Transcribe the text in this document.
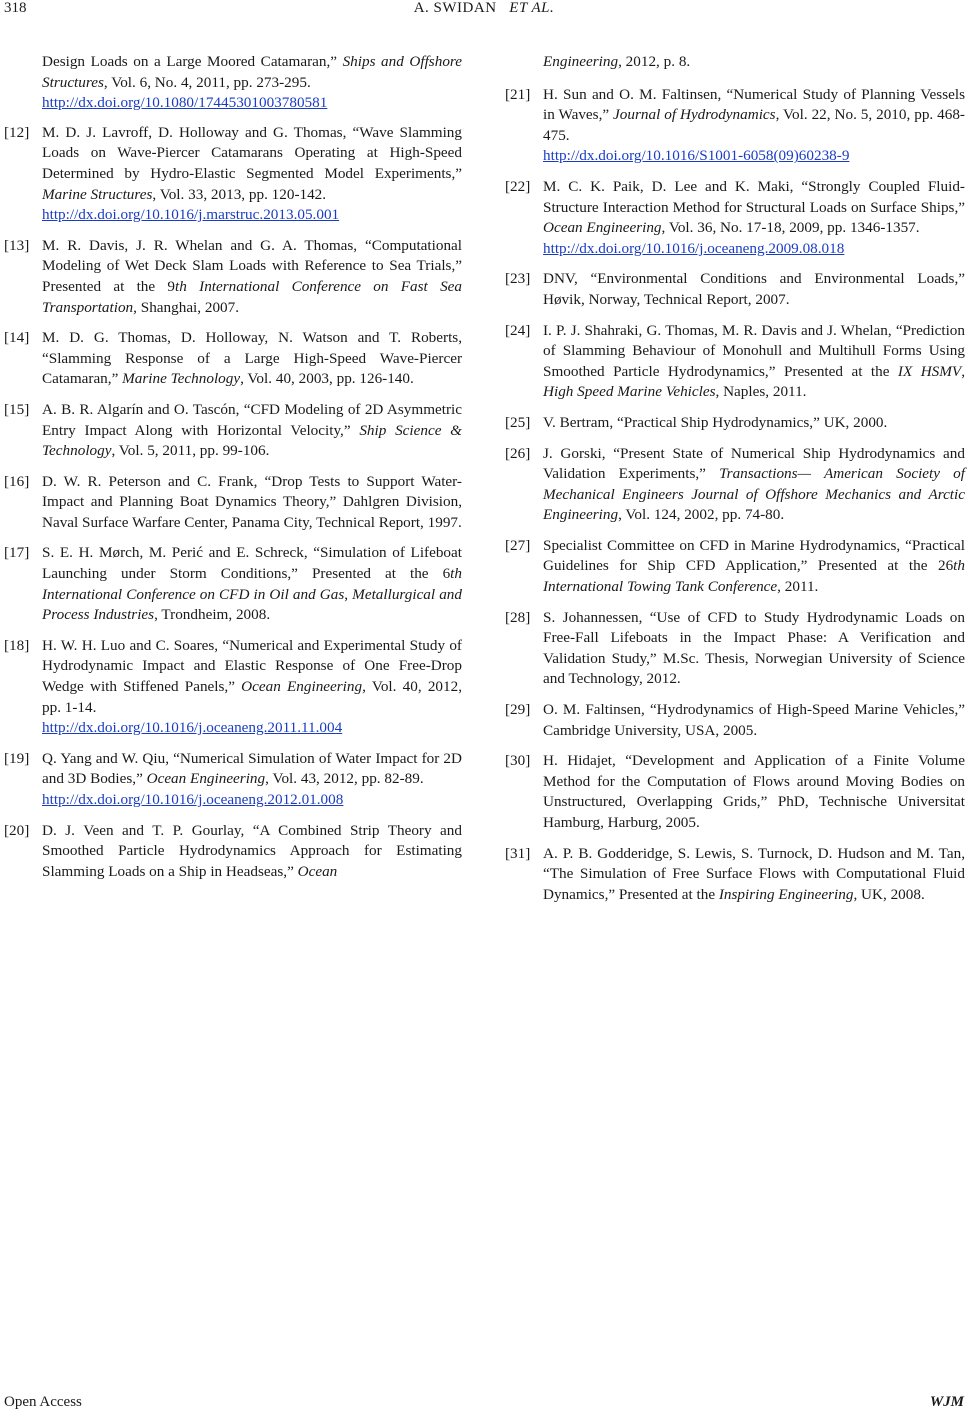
318	A. SWIDAN ET AL.
Design Loads on a Large Moored Catamaran,” Ships and Offshore Structures, Vol. 6, No. 4, 2011, pp. 273-295.
http://dx.doi.org/10.1080/17445301003780581
[12] M. D. J. Lavroff, D. Holloway and G. Thomas, “Wave Slamming Loads on Wave-Piercer Catamarans Operating at High-Speed Determined by Hydro-Elastic Segmented Model Experiments,” Marine Structures, Vol. 33, 2013, pp. 120-142.
http://dx.doi.org/10.1016/j.marstruc.2013.05.001
[13] M. R. Davis, J. R. Whelan and G. A. Thomas, “Computational Modeling of Wet Deck Slam Loads with Reference to Sea Trials,” Presented at the 9th International Conference on Fast Sea Transportation, Shanghai, 2007.
[14] M. D. G. Thomas, D. Holloway, N. Watson and T. Roberts, “Slamming Response of a Large High-Speed Wave-Piercer Catamaran,” Marine Technology, Vol. 40, 2003, pp. 126-140.
[15] A. B. R. Algarín and O. Tascón, “CFD Modeling of 2D Asymmetric Entry Impact Along with Horizontal Velocity,” Ship Science & Technology, Vol. 5, 2011, pp. 99-106.
[16] D. W. R. Peterson and C. Frank, “Drop Tests to Support Water-Impact and Planning Boat Dynamics Theory,” Dahlgren Division, Naval Surface Warfare Center, Panama City, Technical Report, 1997.
[17] S. E. H. Mørch, M. Perić and E. Schreck, “Simulation of Lifeboat Launching under Storm Conditions,” Presented at the 6th International Conference on CFD in Oil and Gas, Metallurgical and Process Industries, Trondheim, 2008.
[18] H. W. H. Luo and C. Soares, “Numerical and Experimental Study of Hydrodynamic Impact and Elastic Response of One Free-Drop Wedge with Stiffened Panels,” Ocean Engineering, Vol. 40, 2012, pp. 1-14.
http://dx.doi.org/10.1016/j.oceaneng.2011.11.004
[19] Q. Yang and W. Qiu, “Numerical Simulation of Water Impact for 2D and 3D Bodies,” Ocean Engineering, Vol. 43, 2012, pp. 82-89.
http://dx.doi.org/10.1016/j.oceaneng.2012.01.008
[20] D. J. Veen and T. P. Gourlay, “A Combined Strip Theory and Smoothed Particle Hydrodynamics Approach for Estimating Slamming Loads on a Ship in Headseas,” Ocean
Engineering, 2012, p. 8.
[21] H. Sun and O. M. Faltinsen, “Numerical Study of Planning Vessels in Waves,” Journal of Hydrodynamics, Vol. 22, No. 5, 2010, pp. 468-475.
http://dx.doi.org/10.1016/S1001-6058(09)60238-9
[22] M. C. K. Paik, D. Lee and K. Maki, “Strongly Coupled Fluid-Structure Interaction Method for Structural Loads on Surface Ships,” Ocean Engineering, Vol. 36, No. 17-18, 2009, pp. 1346-1357.
http://dx.doi.org/10.1016/j.oceaneng.2009.08.018
[23] DNV, “Environmental Conditions and Environmental Loads,” Høvik, Norway, Technical Report, 2007.
[24] I. P. J. Shahraki, G. Thomas, M. R. Davis and J. Whelan, “Prediction of Slamming Behaviour of Monohull and Multihull Forms Using Smoothed Particle Hydrodynamics,” Presented at the IX HSMV, High Speed Marine Vehicles, Naples, 2011.
[25] V. Bertram, “Practical Ship Hydrodynamics,” UK, 2000.
[26] J. Gorski, “Present State of Numerical Ship Hydrodynamics and Validation Experiments,” Transactions— American Society of Mechanical Engineers Journal of Offshore Mechanics and Arctic Engineering, Vol. 124, 2002, pp. 74-80.
[27] Specialist Committee on CFD in Marine Hydrodynamics, “Practical Guidelines for Ship CFD Application,” Presented at the 26th International Towing Tank Conference, 2011.
[28] S. Johannessen, “Use of CFD to Study Hydrodynamic Loads on Free-Fall Lifeboats in the Impact Phase: A Verification and Validation Study,” M.Sc. Thesis, Norwegian University of Science and Technology, 2012.
[29] O. M. Faltinsen, “Hydrodynamics of High-Speed Marine Vehicles,” Cambridge University, USA, 2005.
[30] H. Hidajet, “Development and Application of a Finite Volume Method for the Computation of Flows around Moving Bodies on Unstructured, Overlapping Grids,” PhD, Technische Universitat Hamburg, Harburg, 2005.
[31] A. P. B. Godderidge, S. Lewis, S. Turnock, D. Hudson and M. Tan, “The Simulation of Free Surface Flows with Computational Fluid Dynamics,” Presented at the Inspiring Engineering, UK, 2008.
Open Access	WJM
